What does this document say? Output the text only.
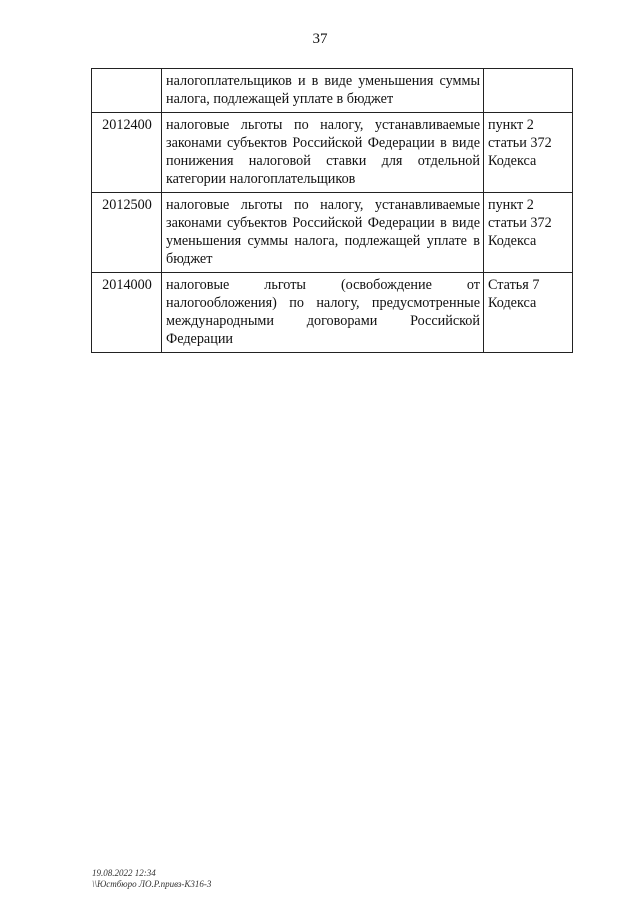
37
	налогоплательщиков и в виде уменьшения суммы налога, подлежащей уплате в бюджет	
2012400	налоговые льготы по налогу, устанавливаемые законами субъектов Российской Федерации в виде понижения налоговой ставки для отдельной категории налогоплательщиков	пункт 2 статьи 372 Кодекса
2012500	налоговые льготы по налогу, устанавливаемые законами субъектов Российской Федерации в виде уменьшения суммы налога, подлежащей уплате в бюджет	пункт 2 статьи 372 Кодекса
2014000	налоговые льготы (освобождение от налогообложения) по налогу, предусмотренные международными договорами Российской Федерации	Статья 7 Кодекса
19.08.2022 12:34
\\Юстбюро ЛО.Р.привз-К316-3
